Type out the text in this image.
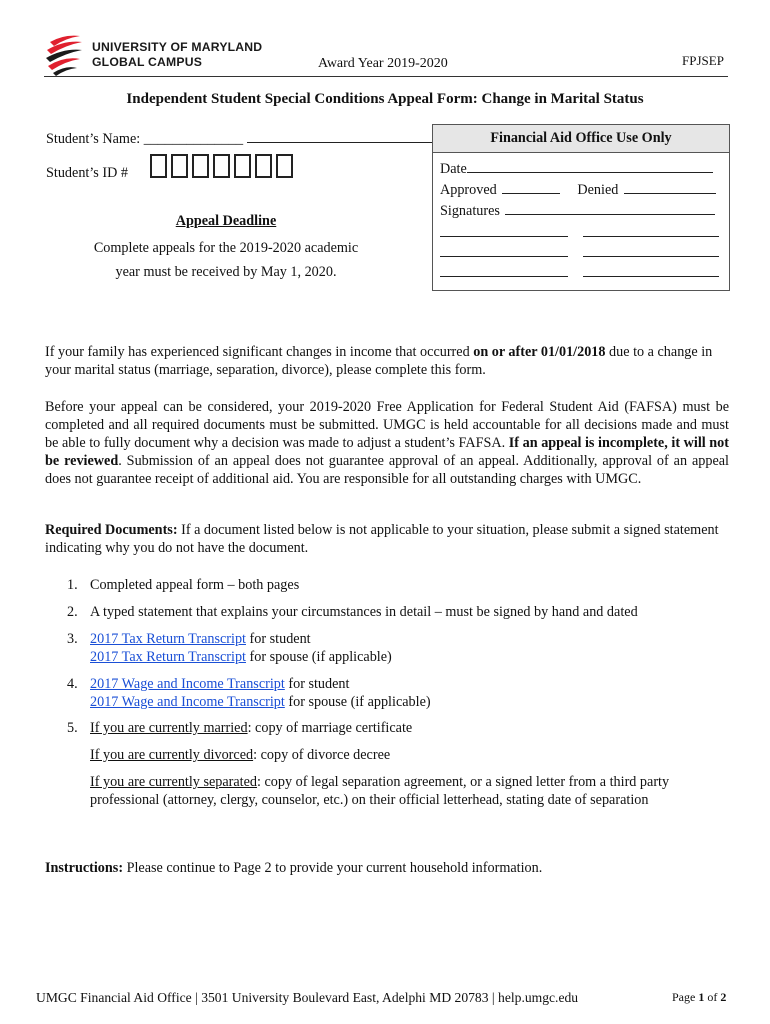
UNIVERSITY OF MARYLAND
GLOBAL CAMPUS	Award Year 2019-2020	FPJSEP
Independent Student Special Conditions Appeal Form: Change in Marital Status
Student’s Name: ______________
Student’s ID #
Appeal Deadline
Complete appeals for the 2019-2020 academic
year must be received by May 1, 2020.
Financial Aid Office Use Only
Date
Approved	Denied
Signatures
If your family has experienced significant changes in income that occurred on or after 01/01/2018 due to a change in your marital status (marriage, separation, divorce), please complete this form.
Before your appeal can be considered, your 2019-2020 Free Application for Federal Student Aid (FAFSA) must be completed and all required documents must be submitted. UMGC is held accountable for all decisions made and must be able to fully document why a decision was made to adjust a student’s FAFSA. If an appeal is incomplete, it will not be reviewed. Submission of an appeal does not guarantee approval of an appeal. Additionally, approval of an appeal does not guarantee receipt of additional aid. You are responsible for all outstanding charges with UMGC.
Required Documents: If a document listed below is not applicable to your situation, please submit a signed statement indicating why you do not have the document.
1. Completed appeal form – both pages
2. A typed statement that explains your circumstances in detail – must be signed by hand and dated
3. 2017 Tax Return Transcript for student
2017 Tax Return Transcript for spouse (if applicable)
4. 2017 Wage and Income Transcript for student
2017 Wage and Income Transcript for spouse (if applicable)
5. If you are currently married: copy of marriage certificate
If you are currently divorced: copy of divorce decree
If you are currently separated: copy of legal separation agreement, or a signed letter from a third party professional (attorney, clergy, counselor, etc.) on their official letterhead, stating date of separation
Instructions: Please continue to Page 2 to provide your current household information.
UMGC Financial Aid Office | 3501 University Boulevard East, Adelphi MD 20783 | help.umgc.edu	Page 1 of 2
